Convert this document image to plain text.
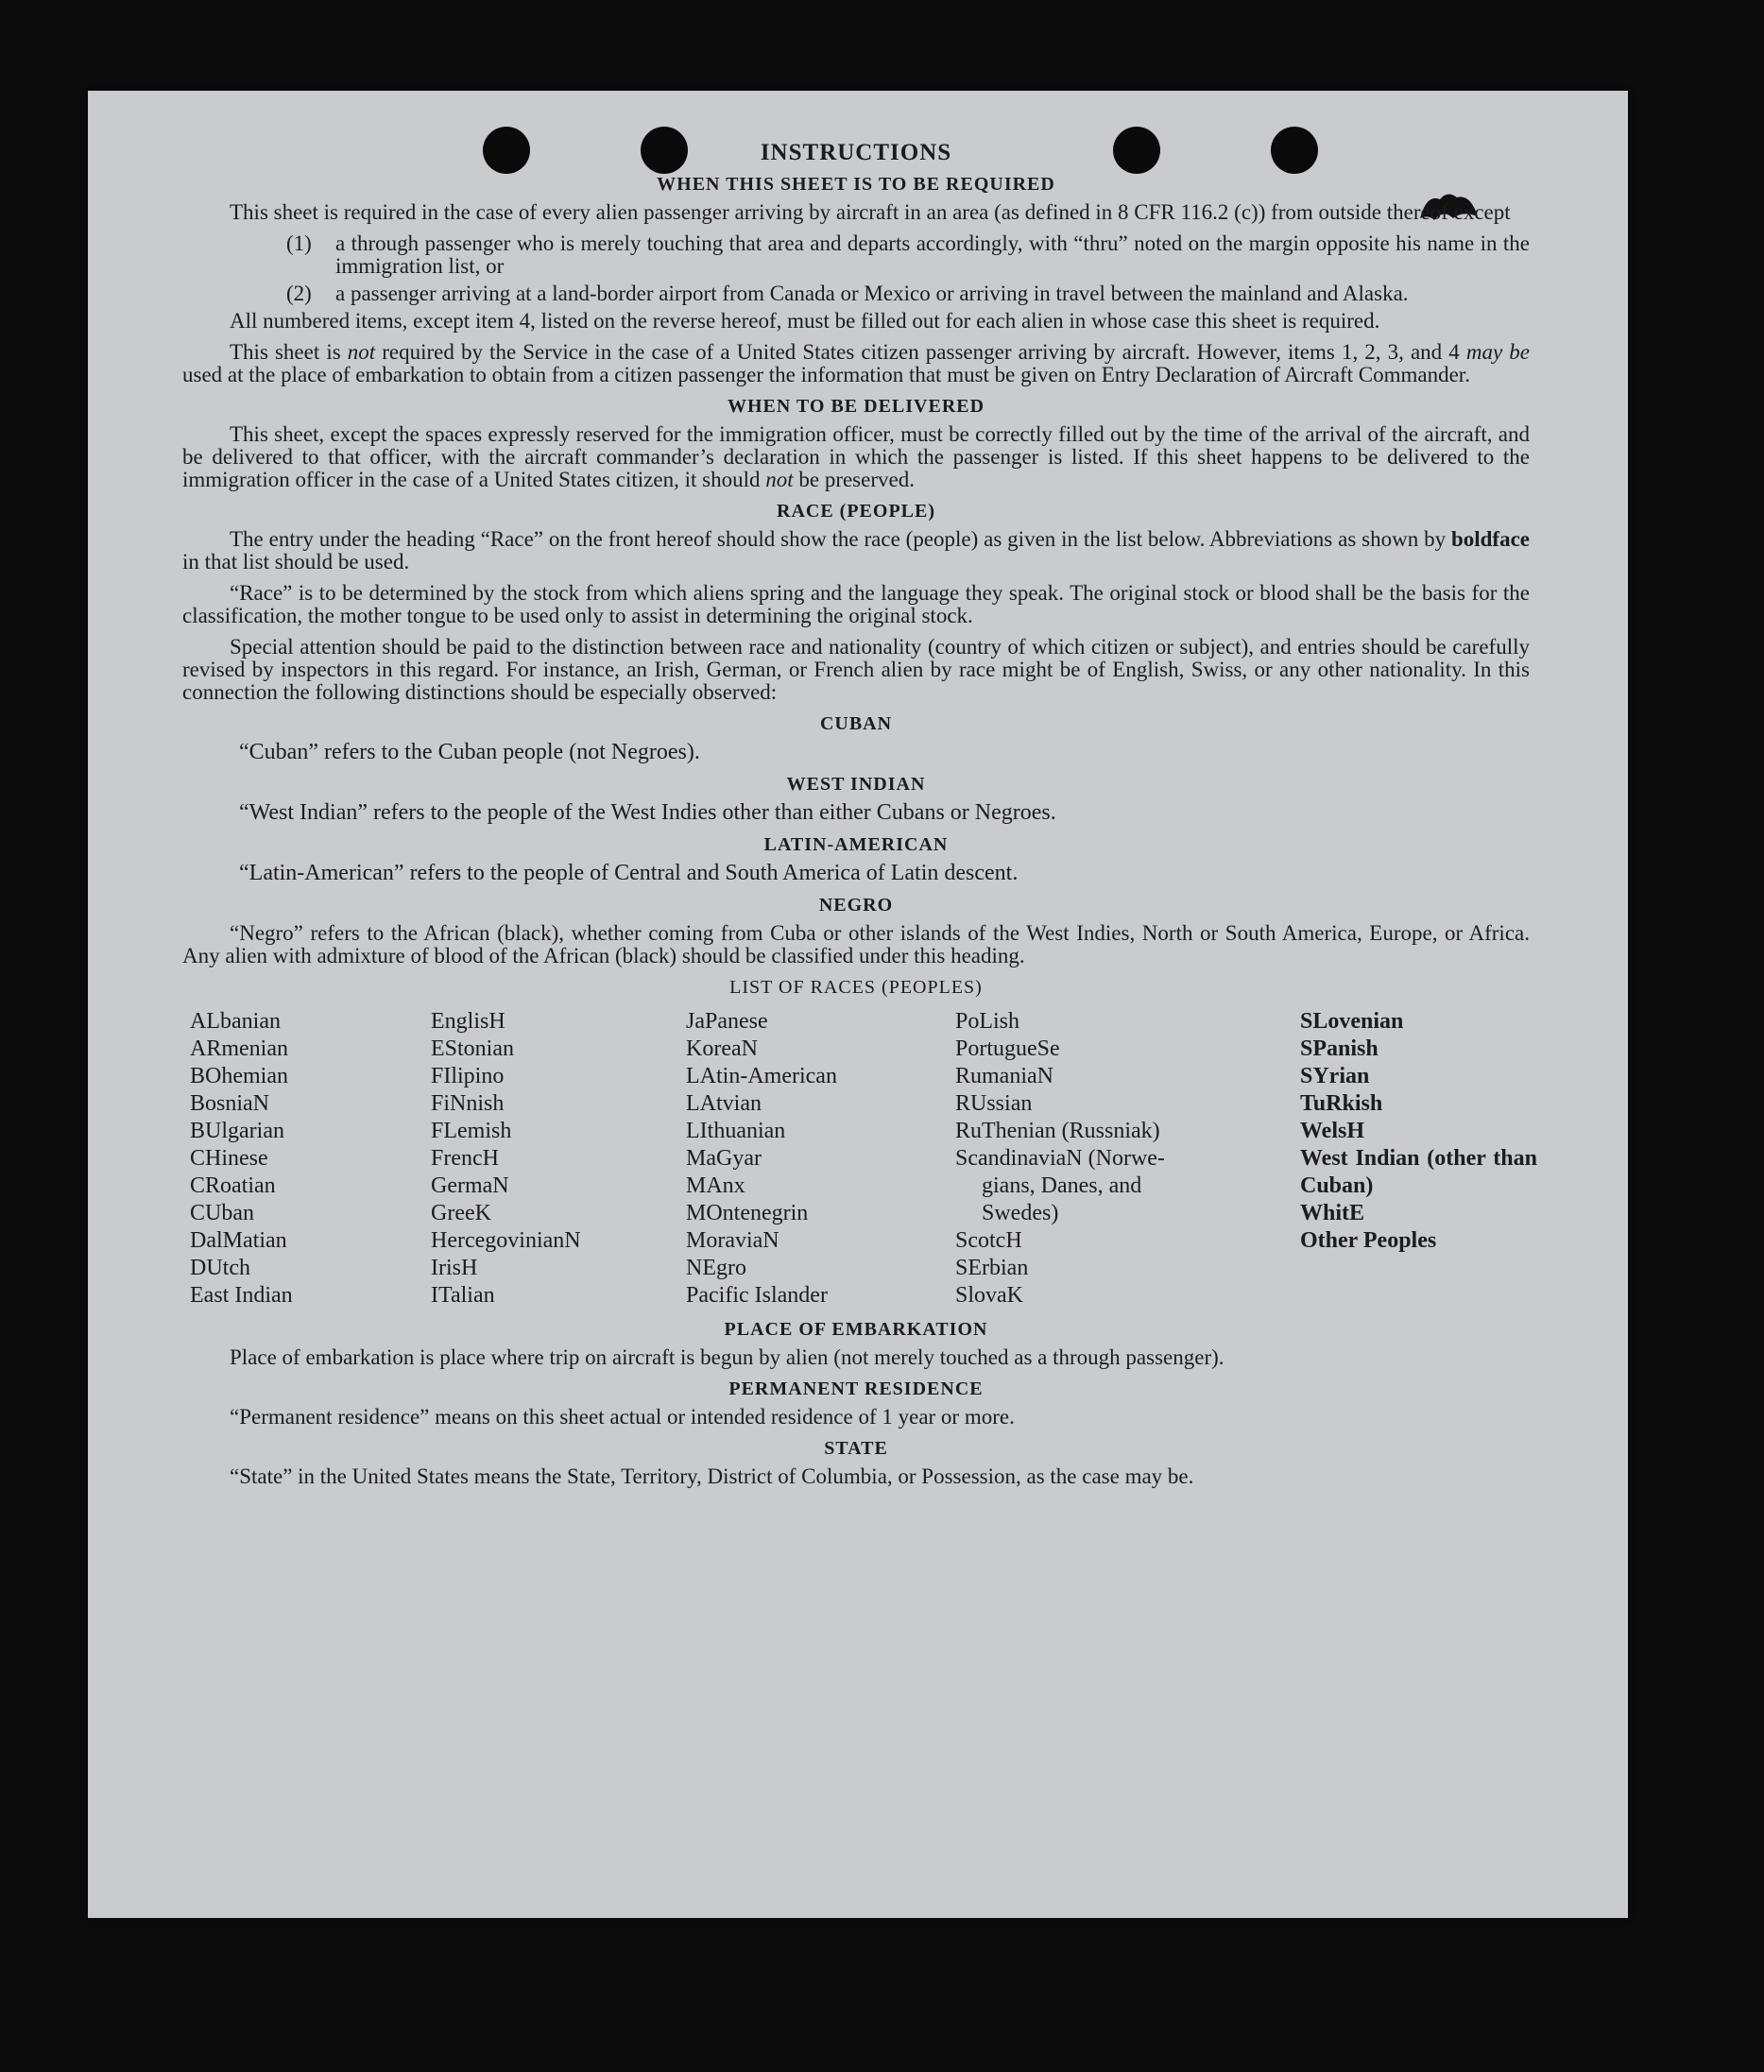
INSTRUCTIONS
WHEN THIS SHEET IS TO BE REQUIRED

This sheet is required in the case of every alien passenger arriving by aircraft in an area (as defined in 8 CFR 116.2 (c)) from outside thereof except

(1)	a through passenger who is merely touching that area and departs accordingly, with “thru” noted on the margin opposite his name in the immigration list, or
(2)	a passenger arriving at a land-border airport from Canada or Mexico or arriving in travel between the mainland and Alaska.

All numbered items, except item 4, listed on the reverse hereof, must be filled out for each alien in whose case this sheet is required.

This sheet is not required by the Service in the case of a United States citizen passenger arriving by aircraft. However, items 1, 2, 3, and 4 may be used at the place of embarkation to obtain from a citizen passenger the information that must be given on Entry Declaration of Aircraft Commander.

WHEN TO BE DELIVERED

This sheet, except the spaces expressly reserved for the immigration officer, must be correctly filled out by the time of the arrival of the aircraft, and be delivered to that officer, with the aircraft commander’s declaration in which the passenger is listed. If this sheet happens to be delivered to the immigration officer in the case of a United States citizen, it should not be preserved.

RACE (PEOPLE)

The entry under the heading “Race” on the front hereof should show the race (people) as given in the list below. Abbreviations as shown by boldface in that list should be used.

“Race” is to be determined by the stock from which aliens spring and the language they speak. The original stock or blood shall be the basis for the classification, the mother tongue to be used only to assist in determining the original stock.

Special attention should be paid to the distinction between race and nationality (country of which citizen or subject), and entries should be carefully revised by inspectors in this regard. For instance, an Irish, German, or French alien by race might be of English, Swiss, or any other nationality. In this connection the following distinctions should be especially observed:

CUBAN
“Cuban” refers to the Cuban people (not Negroes).
WEST INDIAN
“West Indian” refers to the people of the West Indies other than either Cubans or Negroes.
LATIN-AMERICAN
“Latin-American” refers to the people of Central and South America of Latin descent.
NEGRO

“Negro” refers to the African (black), whether coming from Cuba or other islands of the West Indies, North or South America, Europe, or Africa. Any alien with admixture of blood of the African (black) should be classified under this heading.

LIST OF RACES (PEOPLES)
ALbanian
ARmenian
BOhemian
BosniaN
BUlgarian
CHinese
CRoatian
CUban
DalMatian
DUtch
East Indian
EnglisH
EStonian
FIlipino
FiNnish
FLemish
FrencH
GermaN
GreeK
HercegovinianN
IrisH
ITalian
JaPanese
KoreaN
LAtin-American
LAtvian
LIthuanian
MaGyar
MAnx
MOntenegrin
MoraviaN
NEgro
Pacific Islander
PoLish
PortugueSe
RumaniaN
RUssian
RuThenian (Russniak)
ScandinaviaN (Norwe-
gians, Danes, and
Swedes)
ScotcH
SErbian
SlovaK
SLovenian
SPanish
SYrian
TuRkish
WelsH
West Indian (other than Cuban)
WhitE
Other Peoples
PLACE OF EMBARKATION

Place of embarkation is place where trip on aircraft is begun by alien (not merely touched as a through passenger).

PERMANENT RESIDENCE

“Permanent residence” means on this sheet actual or intended residence of 1 year or more.

STATE

“State” in the United States means the State, Territory, District of Columbia, or Possession, as the case may be.
